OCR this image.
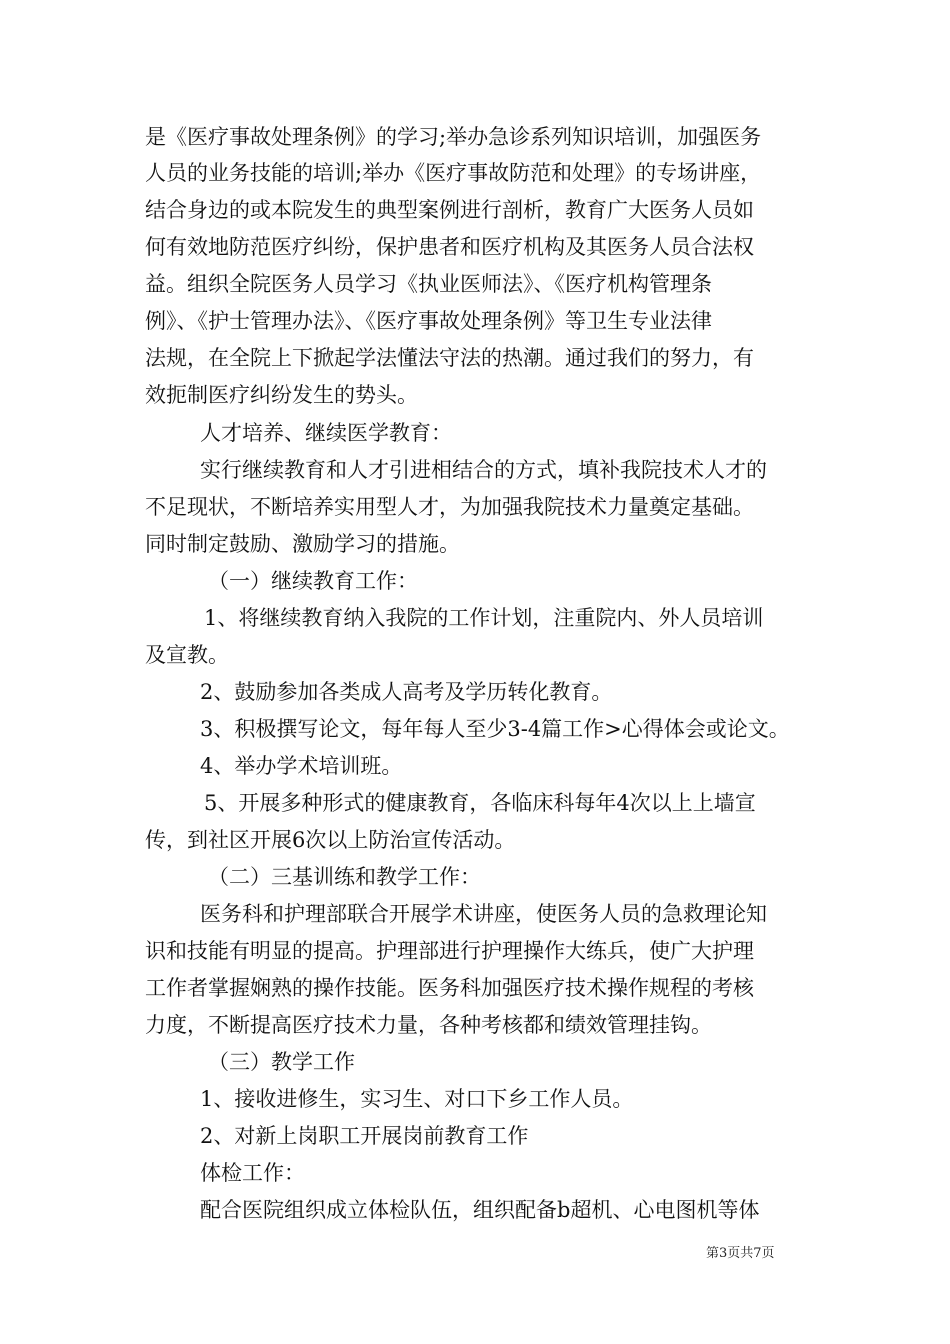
是《医疗事故处理条例》的学习;举办急诊系列知识培训，加强医务
人员的业务技能的培训;举办《医疗事故防范和处理》的专场讲座，
结合身边的或本院发生的典型案例进行剖析，教育广大医务人员如
何有效地防范医疗纠纷，保护患者和医疗机构及其医务人员合法权
益。组织全院医务人员学习《执业医师法》、《医疗机构管理条
例》、《护士管理办法》、《医疗事故处理条例》等卫生专业法律
法规，在全院上下掀起学法懂法守法的热潮。通过我们的努力，有
效扼制医疗纠纷发生的势头。
人才培养、继续医学教育：
实行继续教育和人才引进相结合的方式，填补我院技术人才的
不足现状，不断培养实用型人才，为加强我院技术力量奠定基础。
同时制定鼓励、激励学习的措施。
（一）继续教育工作：
1、将继续教育纳入我院的工作计划，注重院内、外人员培训
及宣教。
2、鼓励参加各类成人高考及学历转化教育。
3、积极撰写论文，每年每人至少3-4篇工作>心得体会或论文。
4、举办学术培训班。
5、开展多种形式的健康教育，各临床科每年4次以上上墙宣
传，到社区开展6次以上防治宣传活动。
（二）三基训练和教学工作：
医务科和护理部联合开展学术讲座，使医务人员的急救理论知
识和技能有明显的提高。护理部进行护理操作大练兵，使广大护理
工作者掌握娴熟的操作技能。医务科加强医疗技术操作规程的考核
力度，不断提高医疗技术力量，各种考核都和绩效管理挂钩。
（三）教学工作
1、接收进修生，实习生、对口下乡工作人员。
2、对新上岗职工开展岗前教育工作
体检工作：
配合医院组织成立体检队伍，组织配备b超机、心电图机等体
第3页共7页
